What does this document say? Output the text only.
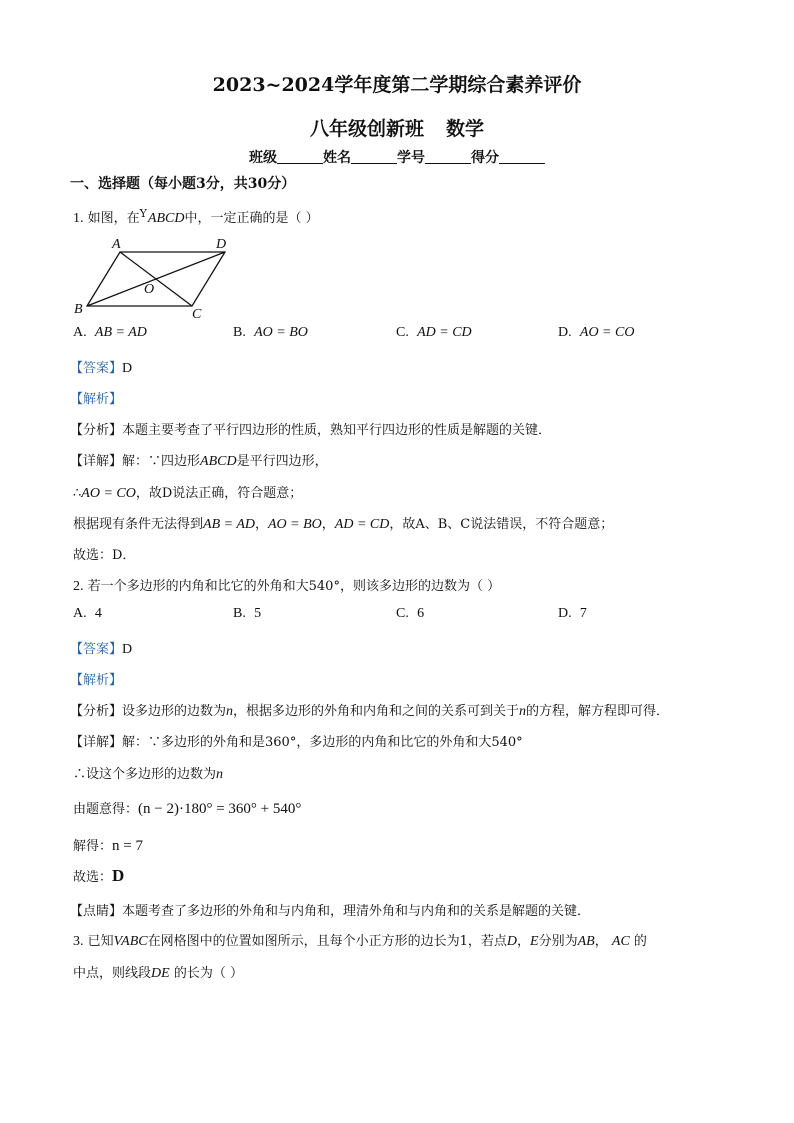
2023~2024学年度第二学期综合素养评价
八年级创新班 数学
班级	姓名	学号	得分
一、选择题（每小题3分，共30分）
1. 如图，在$^Y$ABCD中，一定正确的是（ ）
A	D
B	C
O
A. AB = AD	B. AO = BO	C. AD = CD	D. AO = CO
【答案】D
【解析】
【分析】本题主要考查了平行四边形的性质，熟知平行四边形的性质是解题的关键．
【详解】解：∵四边形ABCD是平行四边形，
∴AO = CO，故D说法正确，符合题意；
根据现有条件无法得到AB = AD，AO = BO，AD = CD，故A、B、C说法错误，不符合题意；
故选：D．
2. 若一个多边形的内角和比它的外角和大540°，则该多边形的边数为（ ）
A. 4	B. 5	C. 6	D. 7
【答案】D
【解析】
【分析】设多边形的边数为n，根据多边形的外角和内角和之间的关系可到关于n的方程，解方程即可得．
【详解】解：∵多边形的外角和是360°，多边形的内角和比它的外角和大540°
∴设这个多边形的边数为n
由题意得：(n − 2)·180° = 360° + 540°
解得：n = 7
故选：D
【点睛】本题考查了多边形的外角和与内角和，理清外角和与内角和的关系是解题的关键．
3. 已知VABC在网格图中的位置如图所示，且每个小正方形的边长为1，若点D，E分别为AB， AC 的
中点，则线段DE 的长为（ ）
